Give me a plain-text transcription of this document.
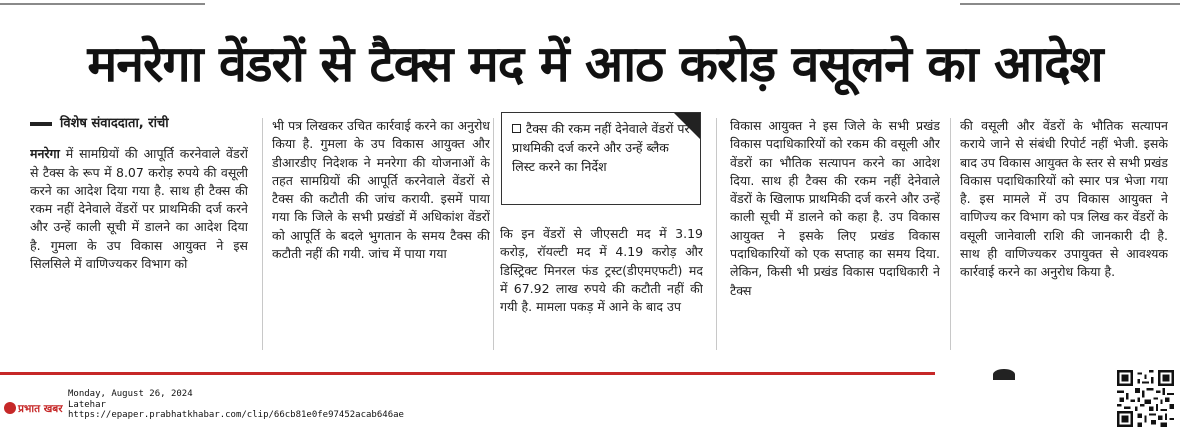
मनरेगा वेंडरों से टैक्स मद में आठ करोड़ वसूलने का आदेश
विशेष संवाददाता, रांची

मनरेगा में सामग्रियों की आपूर्ति करनेवाले वेंडरों से टैक्स के रूप में 8.07 करोड़ रुपये की वसूली करने का आदेश दिया गया है. साथ ही टैक्स की रकम नहीं देनेवाले वेंडरों पर प्राथमिकी दर्ज करने और उन्हें काली सूची में डालने का आदेश दिया है. गुमला के उप विकास आयुक्त ने इस सिलसिले में वाणिज्यकर विभाग को

भी पत्र लिखकर उचित कार्रवाई करने का अनुरोध किया है. गुमला के उप विकास आयुक्त और डीआरडीए निदेशक ने मनरेगा की योजनाओं के तहत सामग्रियों की आपूर्ति करनेवाले वेंडरों से टैक्स की कटौती की जांच करायी. इसमें पाया गया कि जिले के सभी प्रखंडों में अधिकांश वेंडरों को आपूर्ति के बदले भुगतान के समय टैक्स की कटौती नहीं की गयी. जांच में पाया गया

टैक्स की रकम नहीं देनेवाले वेंडरों पर प्राथमिकी दर्ज करने और उन्हें ब्लैक लिस्ट करने का निर्देश

कि इन वेंडरों से जीएसटी मद में 3.19 करोड़, रॉयल्टी मद में 4.19 करोड़ और डिस्ट्रिक्ट मिनरल फंड ट्रस्ट(डीएमएफटी) मद में 67.92 लाख रुपये की कटौती नहीं की गयी है. मामला पकड़ में आने के बाद उप

विकास आयुक्त ने इस जिले के सभी प्रखंड विकास पदाधिकारियों को रकम की वसूली और वेंडरों का भौतिक सत्यापन करने का आदेश दिया. साथ ही टैक्स की रकम नहीं देनेवाले वेंडरों के खिलाफ प्राथमिकी दर्ज करने और उन्हें काली सूची में डालने को कहा है. उप विकास आयुक्त ने इसके लिए प्रखंड विकास पदाधिकारियों को एक सप्ताह का समय दिया. लेकिन, किसी भी प्रखंड विकास पदाधिकारी ने टैक्स

की वसूली और वेंडरों के भौतिक सत्यापन कराये जाने से संबंधी रिपोर्ट नहीं भेजी. इसके बाद उप विकास आयुक्त के स्तर से सभी प्रखंड विकास पदाधिकारियों को स्मार पत्र भेजा गया है. इस मामले में उप विकास आयुक्त ने वाणिज्य कर विभाग को पत्र लिख कर वेंडरों के वसूली जानेवाली राशि की जानकारी दी है. साथ ही वाणिज्यकर उपायुक्त से आवश्यक कार्रवाई करने का अनुरोध किया है.

प्रभात खबर
Monday, August 26, 2024
Latehar
https://epaper.prabhatkhabar.com/clip/66cb81e0fe97452acab646ae
